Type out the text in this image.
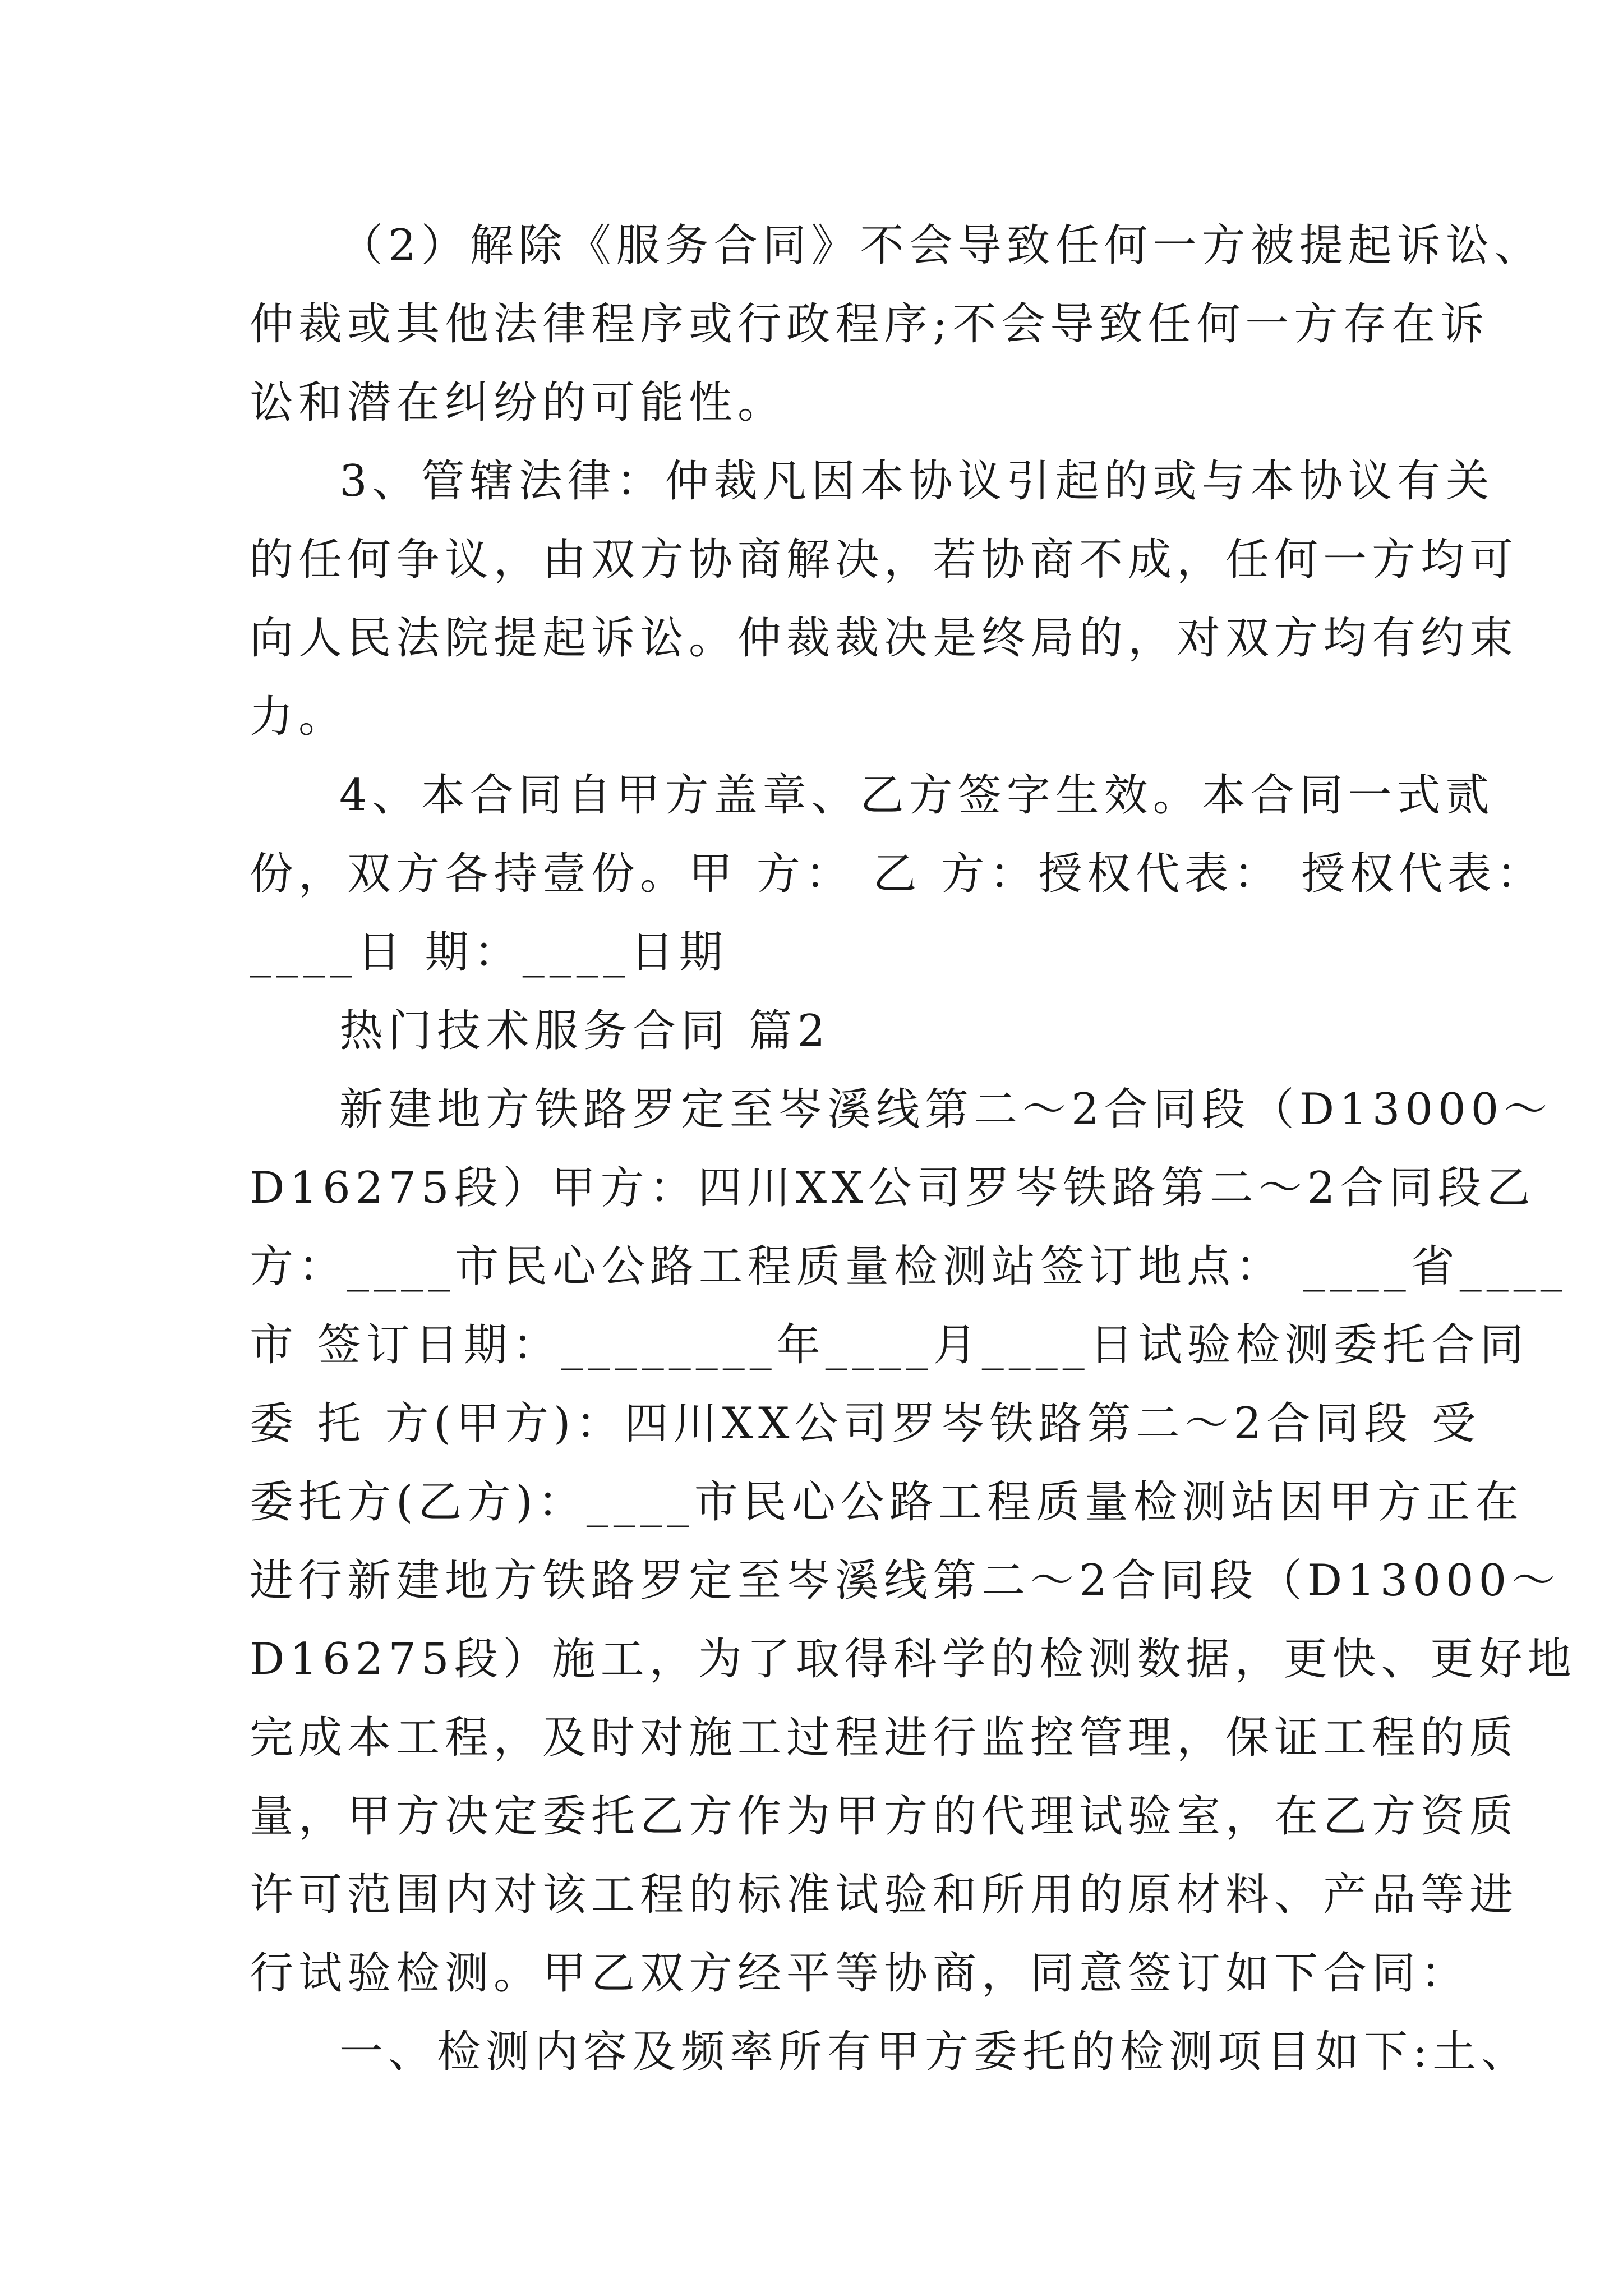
（2）解除《服务合同》不会导致任何一方被提起诉讼、
仲裁或其他法律程序或行政程序;不会导致任何一方存在诉
讼和潜在纠纷的可能性。
3、管辖法律：仲裁凡因本协议引起的或与本协议有关
的任何争议，由双方协商解决，若协商不成，任何一方均可
向人民法院提起诉讼。仲裁裁决是终局的，对双方均有约束
力。
4、本合同自甲方盖章、乙方签字生效。本合同一式贰
份，双方各持壹份。甲 方： 乙 方：授权代表： 授权代表：
____日 期：____日期
热门技术服务合同 篇2
新建地方铁路罗定至岑溪线第二～2合同段（D13000～
D16275段）甲方：四川XX公司罗岑铁路第二～2合同段乙
方：____市民心公路工程质量检测站签订地点： ____省____
市 签订日期：________年____月____日试验检测委托合同
委 托 方(甲方)：四川XX公司罗岑铁路第二～2合同段 受
委托方(乙方)：____市民心公路工程质量检测站因甲方正在
进行新建地方铁路罗定至岑溪线第二～2合同段（D13000～
D16275段）施工，为了取得科学的检测数据，更快、更好地
完成本工程，及时对施工过程进行监控管理，保证工程的质
量，甲方决定委托乙方作为甲方的代理试验室，在乙方资质
许可范围内对该工程的标准试验和所用的原材料、产品等进
行试验检测。甲乙双方经平等协商，同意签订如下合同：
一、检测内容及频率所有甲方委托的检测项目如下:土、
